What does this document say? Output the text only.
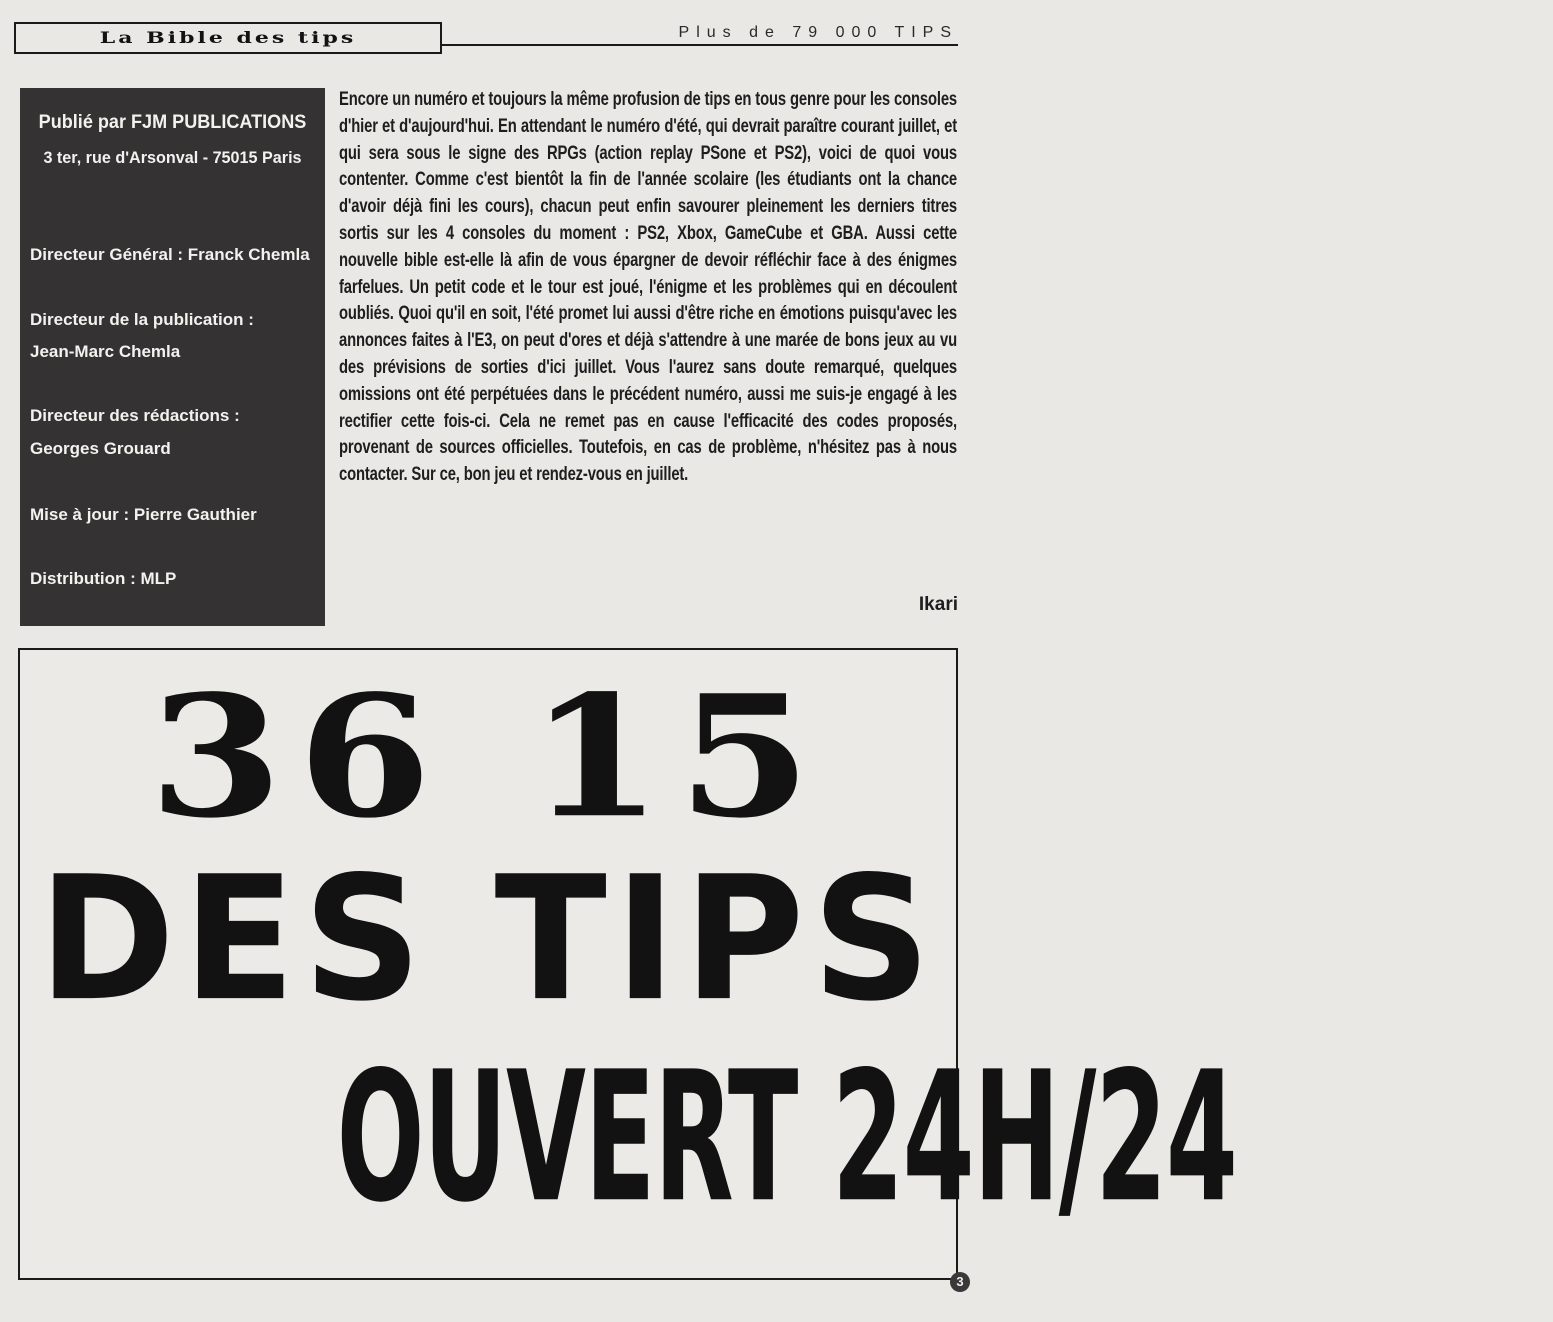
La Bible des tips	Plus de 79 000 TIPS
Publié par FJM PUBLICATIONS
3 ter, rue d'Arsonval - 75015 Paris
Directeur Général : Franck Chemla
Directeur de la publication :
Jean-Marc Chemla
Directeur des rédactions :
Georges Grouard
Mise à jour : Pierre Gauthier
Distribution : MLP
Encore un numéro et toujours la même profusion de tips en tous genre pour les consoles d'hier et d'aujourd'hui. En attendant le numéro d'été, qui devrait paraître courant juillet, et qui sera sous le signe des RPGs (action replay PSone et PS2), voici de quoi vous contenter. Comme c'est bientôt la fin de l'année scolaire (les étudiants ont la chance d'avoir déjà fini les cours), chacun peut enfin savourer pleinement les derniers titres sortis sur les 4 consoles du moment : PS2, Xbox, GameCube et GBA. Aussi cette nouvelle bible est-elle là afin de vous épargner de devoir réfléchir face à des énigmes farfelues. Un petit code et le tour est joué, l'énigme et les problèmes qui en découlent oubliés. Quoi qu'il en soit, l'été promet lui aussi d'être riche en émotions puisqu'avec les annonces faites à l'E3, on peut d'ores et déjà s'attendre à une marée de bons jeux au vu des prévisions de sorties d'ici juillet. Vous l'aurez sans doute remarqué, quelques omissions ont été perpétuées dans le précédent numéro, aussi me suis-je engagé à les rectifier cette fois-ci. Cela ne remet pas en cause l'efficacité des codes proposés, provenant de sources officielles. Toutefois, en cas de problème, n'hésitez pas à nous contacter. Sur ce, bon jeu et rendez-vous en juillet.
Ikari
36 15
DES TIPS
OUVERT 24H/24
3
